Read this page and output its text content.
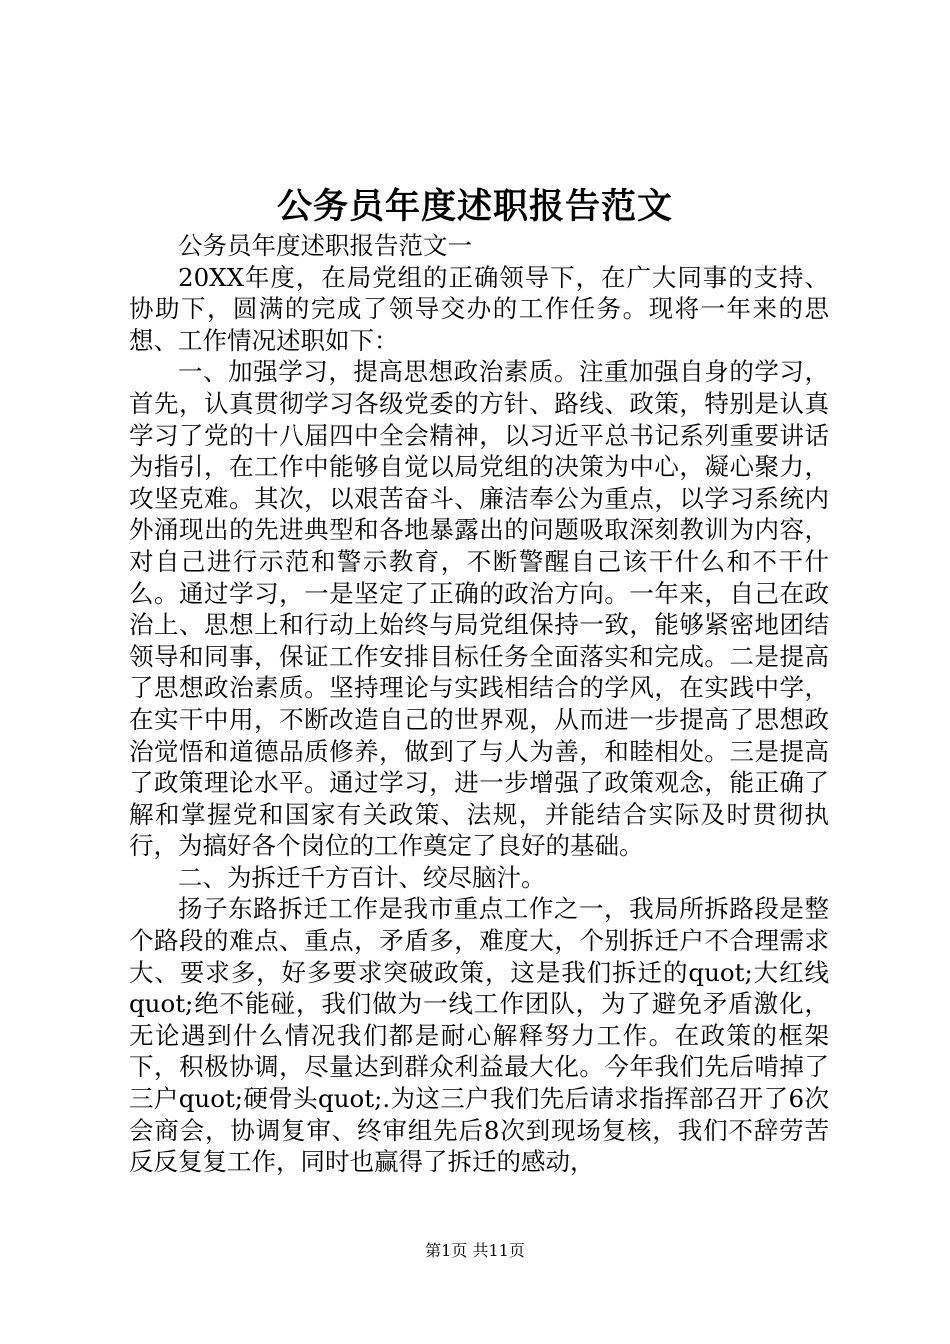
公务员年度述职报告范文

公务员年度述职报告范文一

20XX年度，在局党组的正确领导下，在广大同事的支持、协助下，圆满的完成了领导交办的工作任务。现将一年来的思想、工作情况述职如下：

一、加强学习，提高思想政治素质。注重加强自身的学习，首先，认真贯彻学习各级党委的方针、路线、政策，特别是认真学习了党的十八届四中全会精神，以习近平总书记系列重要讲话为指引，在工作中能够自觉以局党组的决策为中心，凝心聚力，攻坚克难。其次，以艰苦奋斗、廉洁奉公为重点，以学习系统内外涌现出的先进典型和各地暴露出的问题吸取深刻教训为内容，对自己进行示范和警示教育，不断警醒自己该干什么和不干什么。通过学习，一是坚定了正确的政治方向。一年来，自己在政治上、思想上和行动上始终与局党组保持一致，能够紧密地团结领导和同事，保证工作安排目标任务全面落实和完成。二是提高了思想政治素质。坚持理论与实践相结合的学风，在实践中学，在实干中用，不断改造自己的世界观，从而进一步提高了思想政治觉悟和道德品质修养，做到了与人为善，和睦相处。三是提高了政策理论水平。通过学习，进一步增强了政策观念，能正确了解和掌握党和国家有关政策、法规，并能结合实际及时贯彻执行，为搞好各个岗位的工作奠定了良好的基础。

二、为拆迁千方百计、绞尽脑汁。

扬子东路拆迁工作是我市重点工作之一，我局所拆路段是整个路段的难点、重点，矛盾多，难度大，个别拆迁户不合理需求大、要求多，好多要求突破政策，这是我们拆迁的quot;大红线quot;绝不能碰，我们做为一线工作团队，为了避免矛盾激化，无论遇到什么情况我们都是耐心解释努力工作。在政策的框架下，积极协调，尽量达到群众利益最大化。今年我们先后啃掉了三户quot;硬骨头quot;.为这三户我们先后请求指挥部召开了6次会商会，协调复审、终审组先后8次到现场复核，我们不辞劳苦反反复复工作，同时也赢得了拆迁的感动，

第1页 共11页
